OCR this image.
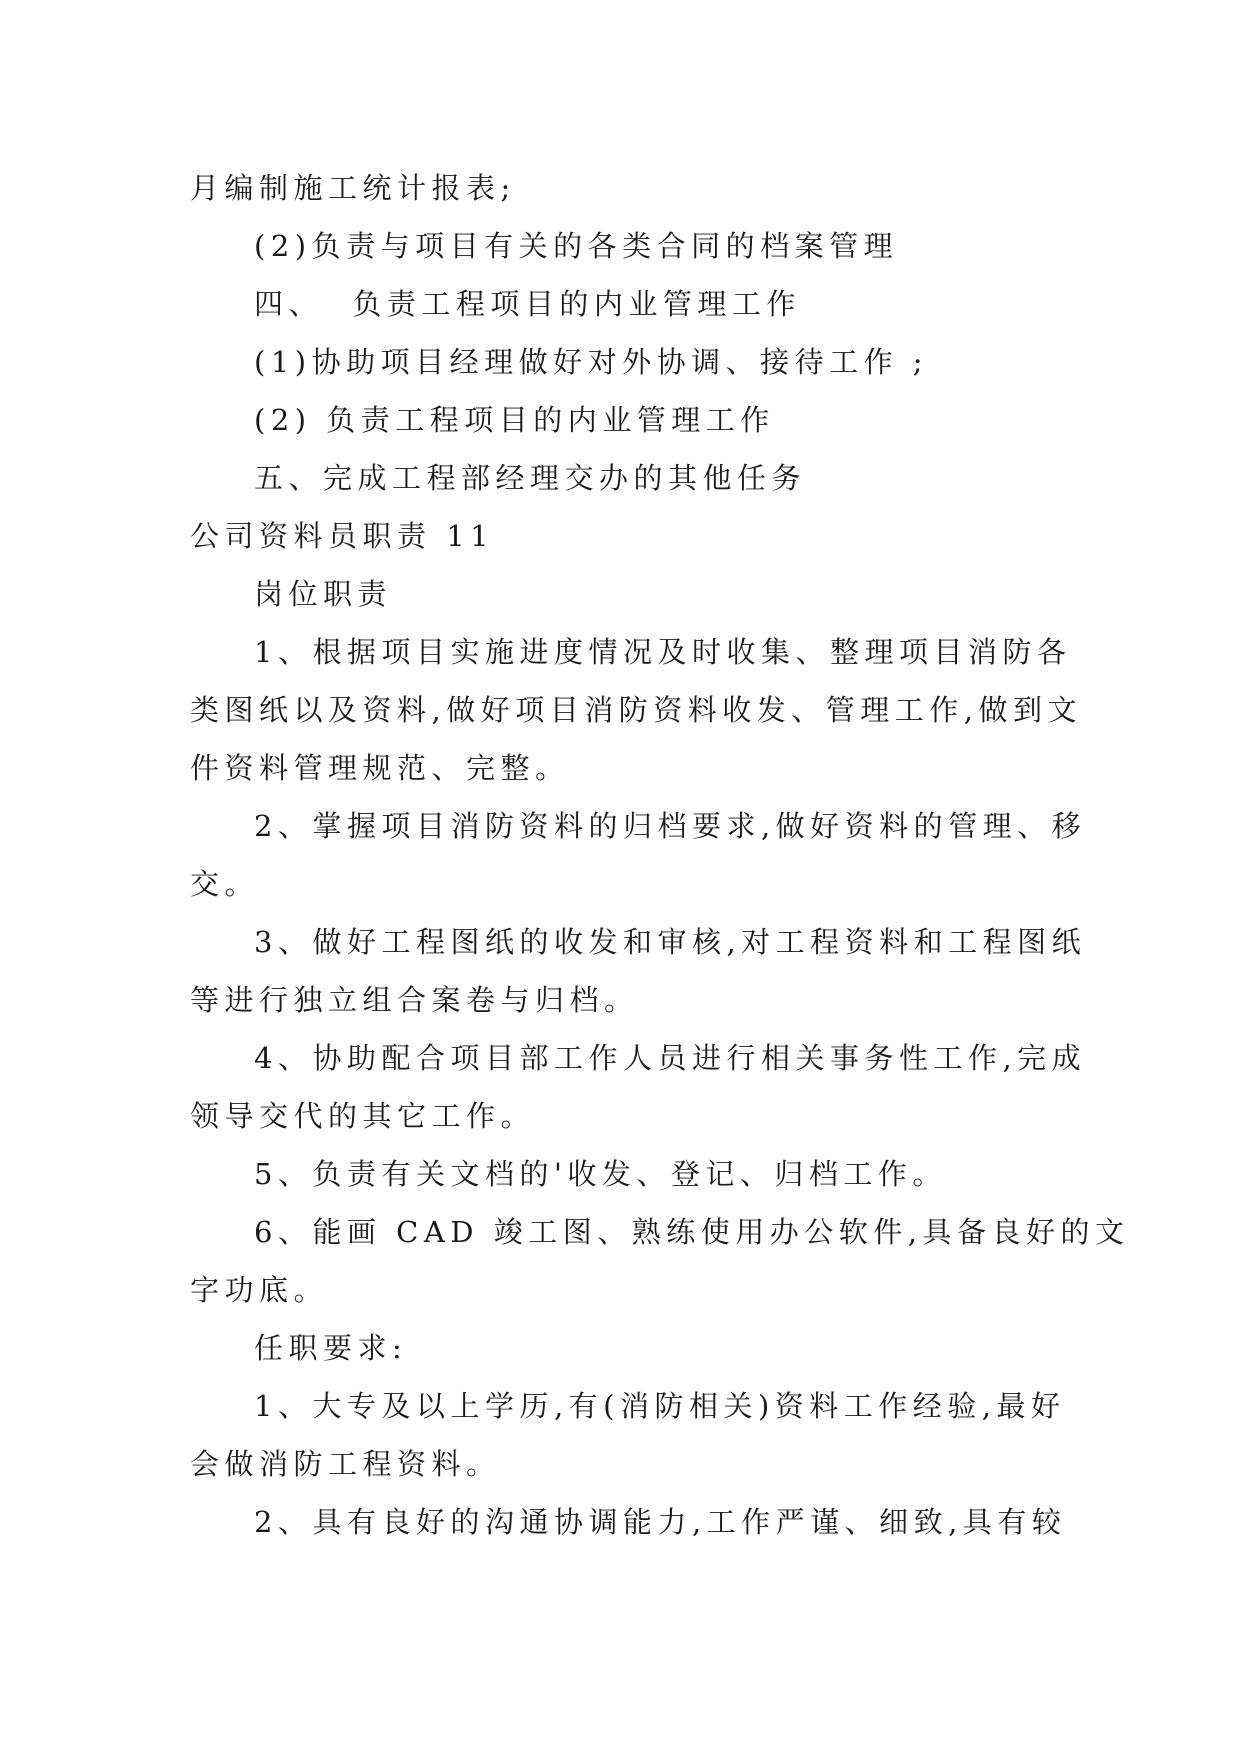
月编制施工统计报表;
(2)负责与项目有关的各类合同的档案管理
四、  负责工程项目的内业管理工作
(1)协助项目经理做好对外协调、接待工作 ;
(2) 负责工程项目的内业管理工作
五、完成工程部经理交办的其他任务
公司资料员职责 11
岗位职责
1、根据项目实施进度情况及时收集、整理项目消防各
类图纸以及资料,做好项目消防资料收发、管理工作,做到文
件资料管理规范、完整。
2、掌握项目消防资料的归档要求,做好资料的管理、移
交。
3、做好工程图纸的收发和审核,对工程资料和工程图纸
等进行独立组合案卷与归档。
4、协助配合项目部工作人员进行相关事务性工作,完成
领导交代的其它工作。
5、负责有关文档的'收发、登记、归档工作。
6、能画 CAD 竣工图、熟练使用办公软件,具备良好的文
字功底。
任职要求:
1、大专及以上学历,有(消防相关)资料工作经验,最好
会做消防工程资料。
2、具有良好的沟通协调能力,工作严谨、细致,具有较
